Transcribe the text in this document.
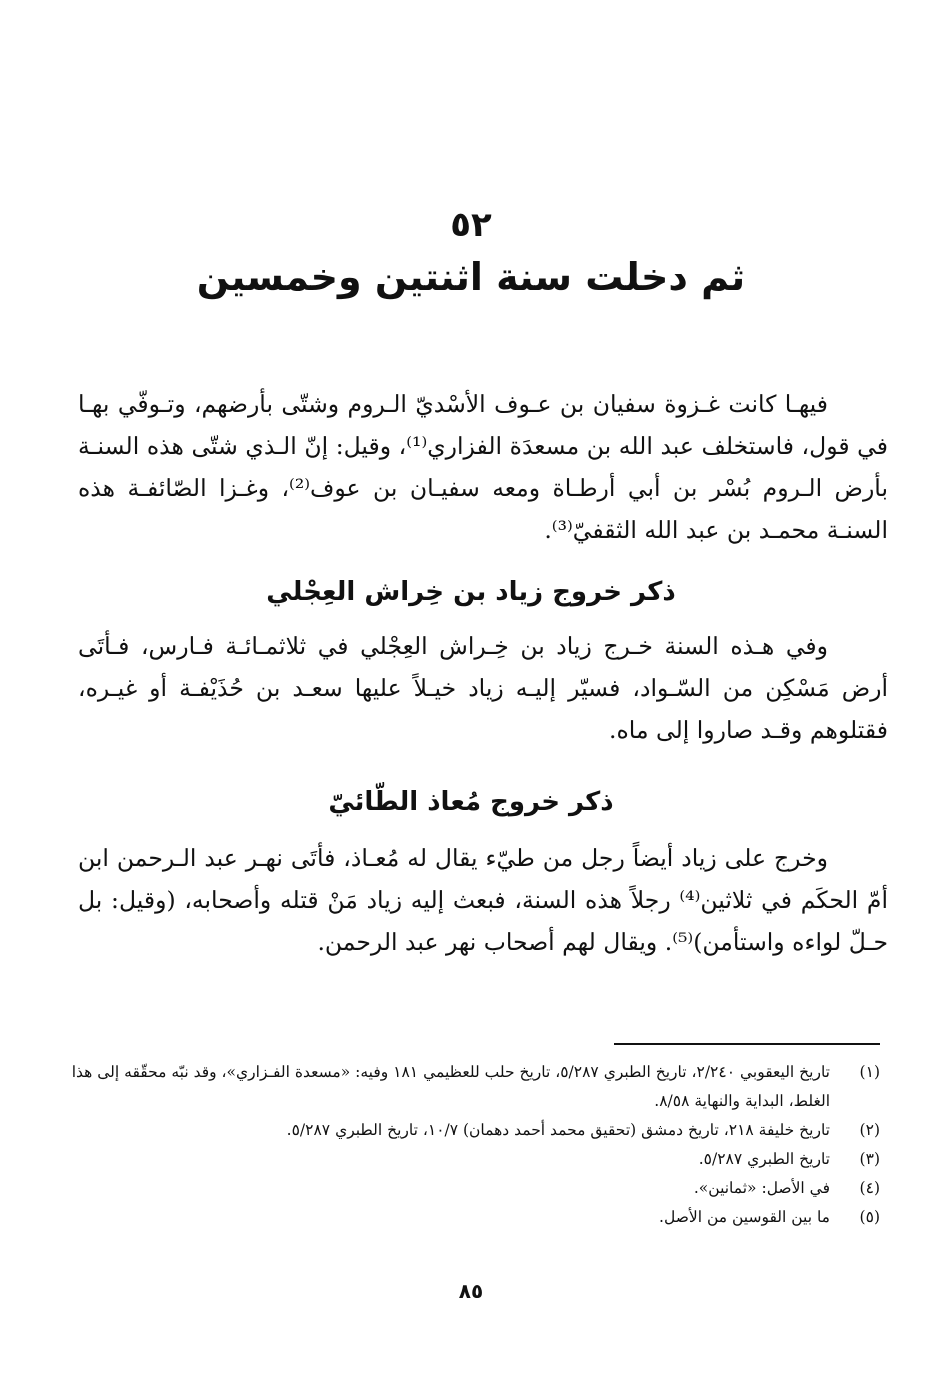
٥٢
ثم دخلت سنة اثنتين وخمسين
فيهـا كانت غـزوة سفيان بن عـوف الأسْديّ الـروم وشتّى بأرضهم، وتـوفّي بهـا في قول، فاستخلف عبد الله بن مسعدَة الفزاري⁽¹⁾، وقيل: إنّ الـذي شتّى هذه السنـة بأرض الـروم بُسْر بن أبي أرطـاة ومعه سفيـان بن عوف⁽²⁾، وغـزا الصّائفـة هذه السنـة محمـد بن عبد الله الثقفيّ⁽³⁾.
ذكر خروج زياد بن خِراش العِجْلي
وفي هـذه السنة خـرج زياد بن خِـراش العِجْلي في ثلاثمـائـة فـارس، فـأتَى أرض مَسْكِن من السّـواد، فسيّر إليـه زياد خيـلاً عليها سعـد بن حُذَيْفـة أو غيـره، فقتلوهم وقـد صاروا إلى ماه.
ذكر خروج مُعاذ الطّائيّ
وخرج على زياد أيضاً رجل من طيّء يقال له مُعـاذ، فأتَى نهـر عبد الـرحمن ابن أمّ الحكَم في ثلاثين⁽⁴⁾ رجلاً هذه السنة، فبعث إليه زياد مَنْ قتله وأصحابه، (وقيل: بل حـلّ لواءه واستأمن)⁽⁵⁾. ويقال لهم أصحاب نهر عبد الرحمن.
(١)
تاريخ اليعقوبي ٢/٢٤٠، تاريخ الطبري ٥/٢٨٧، تاريخ حلب للعظيمي ١٨١ وفيه: «مسعدة الفـزاري»، وقد نبّه محقّقه إلى هذا الغلط، البداية والنهاية ٨/٥٨.
(٢)
تاريخ خليفة ٢١٨، تاريخ دمشق (تحقيق محمد أحمد دهمان) ١٠/٧، تاريخ الطبري ٥/٢٨٧.
(٣)
تاريخ الطبري ٥/٢٨٧.
(٤)
في الأصل: «ثمانين».
(٥)
ما بين القوسين من الأصل.
٨٥
